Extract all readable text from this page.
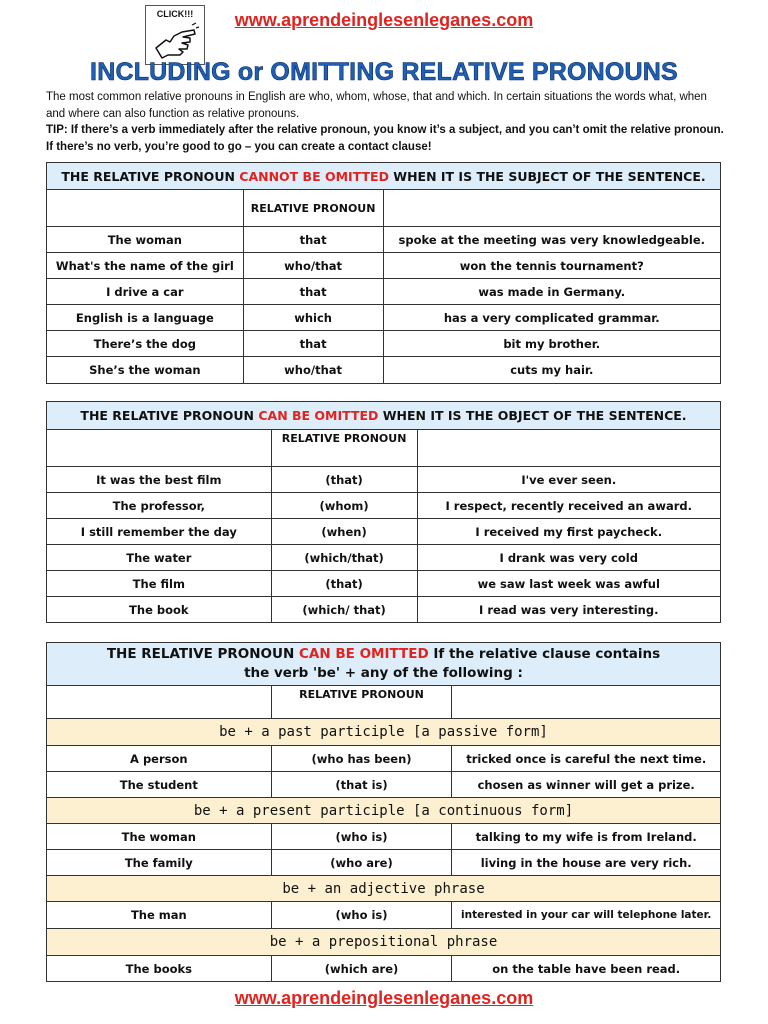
CLICK!!!	www.aprendeinglesenleganes.com
INCLUDING or OMITTING RELATIVE PRONOUNS
The most common relative pronouns in English are who, whom, whose, that and which. In certain situations the words what, when and where can also function as relative pronouns.
TIP: If there’s a verb immediately after the relative pronoun, you know it’s a subject, and you can’t omit the relative pronoun. If there’s no verb, you’re good to go – you can create a contact clause!
THE RELATIVE PRONOUN CANNOT BE OMITTED WHEN IT IS THE SUBJECT OF THE SENTENCE.		
	RELATIVE PRONOUN	
The woman	that	spoke at the meeting was very knowledgeable.
What's the name of the girl	who/that	won the tennis tournament?
I drive a car	that	was made in Germany.
English is a language	which	has a very complicated grammar.
There’s the dog	that	bit my brother.
She’s the woman	who/that	cuts my hair.
THE RELATIVE PRONOUN CAN BE OMITTED WHEN IT IS THE OBJECT OF THE SENTENCE.		
	RELATIVE PRONOUN	
It was the best film	(that)	I've ever seen.
The professor,	(whom)	I respect, recently received an award.
I still remember the day	(when)	I received my first paycheck.
The water	(which/that)	I drank was very cold
The film	(that)	we saw last week was awful
The book	(which/ that)	I read was very interesting.
THE RELATIVE PRONOUN CAN BE OMITTED If the relative clause contains
the verb 'be' + any of the following :		
	RELATIVE PRONOUN	
be + a past participle [a passive form]		
A person	(who has been)	tricked once is careful the next time.
The student	(that is)	chosen as winner will get a prize.
be + a present participle [a continuous form]		
The woman	(who is)	talking to my wife is from Ireland.
The family	(who are)	living in the house are very rich.
be + an adjective phrase		
The man	(who is)	interested in your car will telephone later.
be + a prepositional phrase		
The books	(which are)	on the table have been read.
www.aprendeinglesenleganes.com
